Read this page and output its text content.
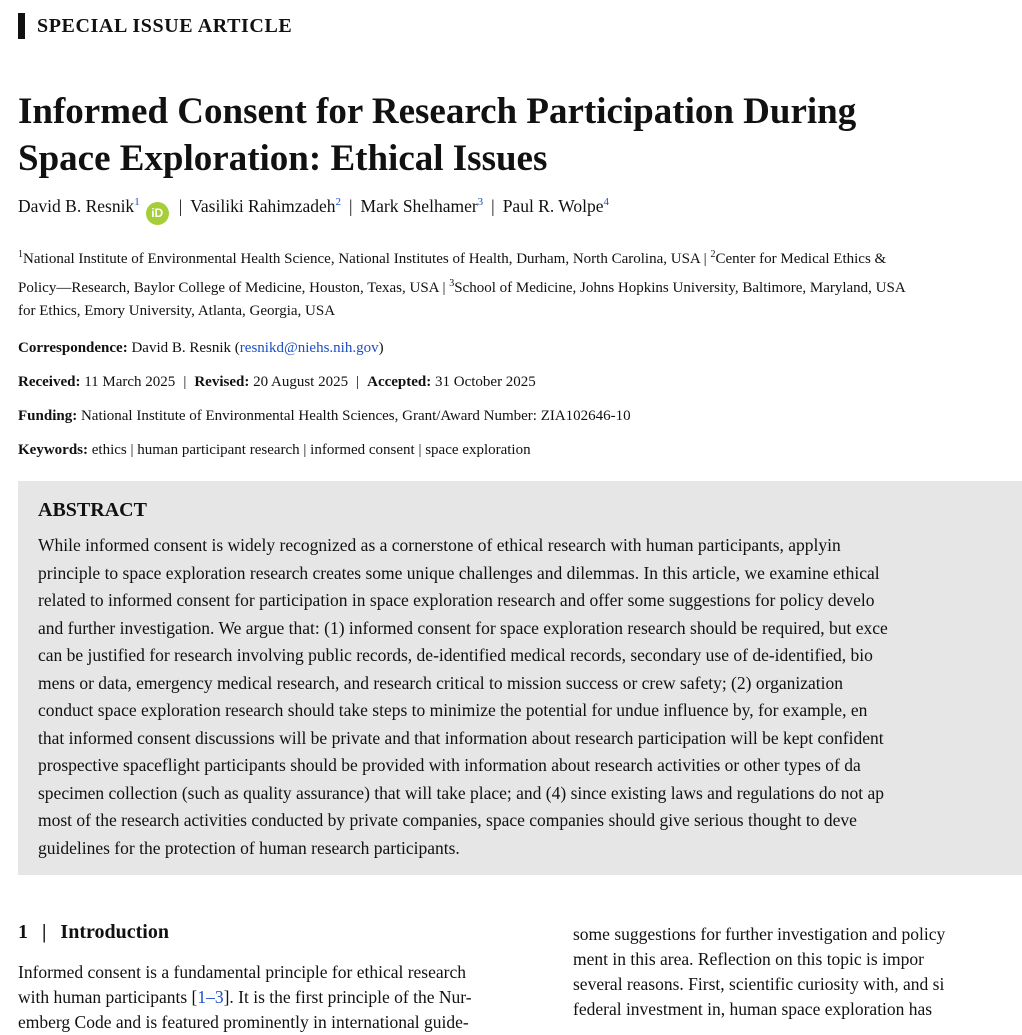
SPECIAL ISSUE ARTICLE
Informed Consent for Research Participation During
Space Exploration: Ethical Issues
David B. Resnik$^1$iD | Vasiliki Rahimzadeh$^2$ | Mark Shelhamer$^3$ | Paul R. Wolpe$^4$
$^1$National Institute of Environmental Health Science, National Institutes of Health, Durham, North Carolina, USA | $^2$Center for Medical Ethics &
Policy—Research, Baylor College of Medicine, Houston, Texas, USA | $^3$School of Medicine, Johns Hopkins University, Baltimore, Maryland, USA
for Ethics, Emory University, Atlanta, Georgia, USA
Correspondence: David B. Resnik (resnikd@niehs.nih.gov)
Received: 11 March 2025 | Revised: 20 August 2025 | Accepted: 31 October 2025
Funding: National Institute of Environmental Health Sciences, Grant/Award Number: ZIA102646-10
Keywords: ethics | human participant research | informed consent | space exploration
ABSTRACT
While informed consent is widely recognized as a cornerstone of ethical research with human participants, applyin
principle to space exploration research creates some unique challenges and dilemmas. In this article, we examine ethical
related to informed consent for participation in space exploration research and offer some suggestions for policy develo
and further investigation. We argue that: (1) informed consent for space exploration research should be required, but exce
can be justified for research involving public records, de-identified medical records, secondary use of de-identified, bio
mens or data, emergency medical research, and research critical to mission success or crew safety; (2) organization
conduct space exploration research should take steps to minimize the potential for undue influence by, for example, en
that informed consent discussions will be private and that information about research participation will be kept confident
prospective spaceflight participants should be provided with information about research activities or other types of da
specimen collection (such as quality assurance) that will take place; and (4) since existing laws and regulations do not ap
most of the research activities conducted by private companies, space companies should give serious thought to deve
guidelines for the protection of human research participants.
1 | Introduction
Informed consent is a fundamental principle for ethical research
with human participants [1–3]. It is the first principle of the Nur-
emberg Code and is featured prominently in international guide-
some suggestions for further investigation and policy
ment in this area. Reflection on this topic is impor
several reasons. First, scientific curiosity with, and si
federal investment in, human space exploration has
